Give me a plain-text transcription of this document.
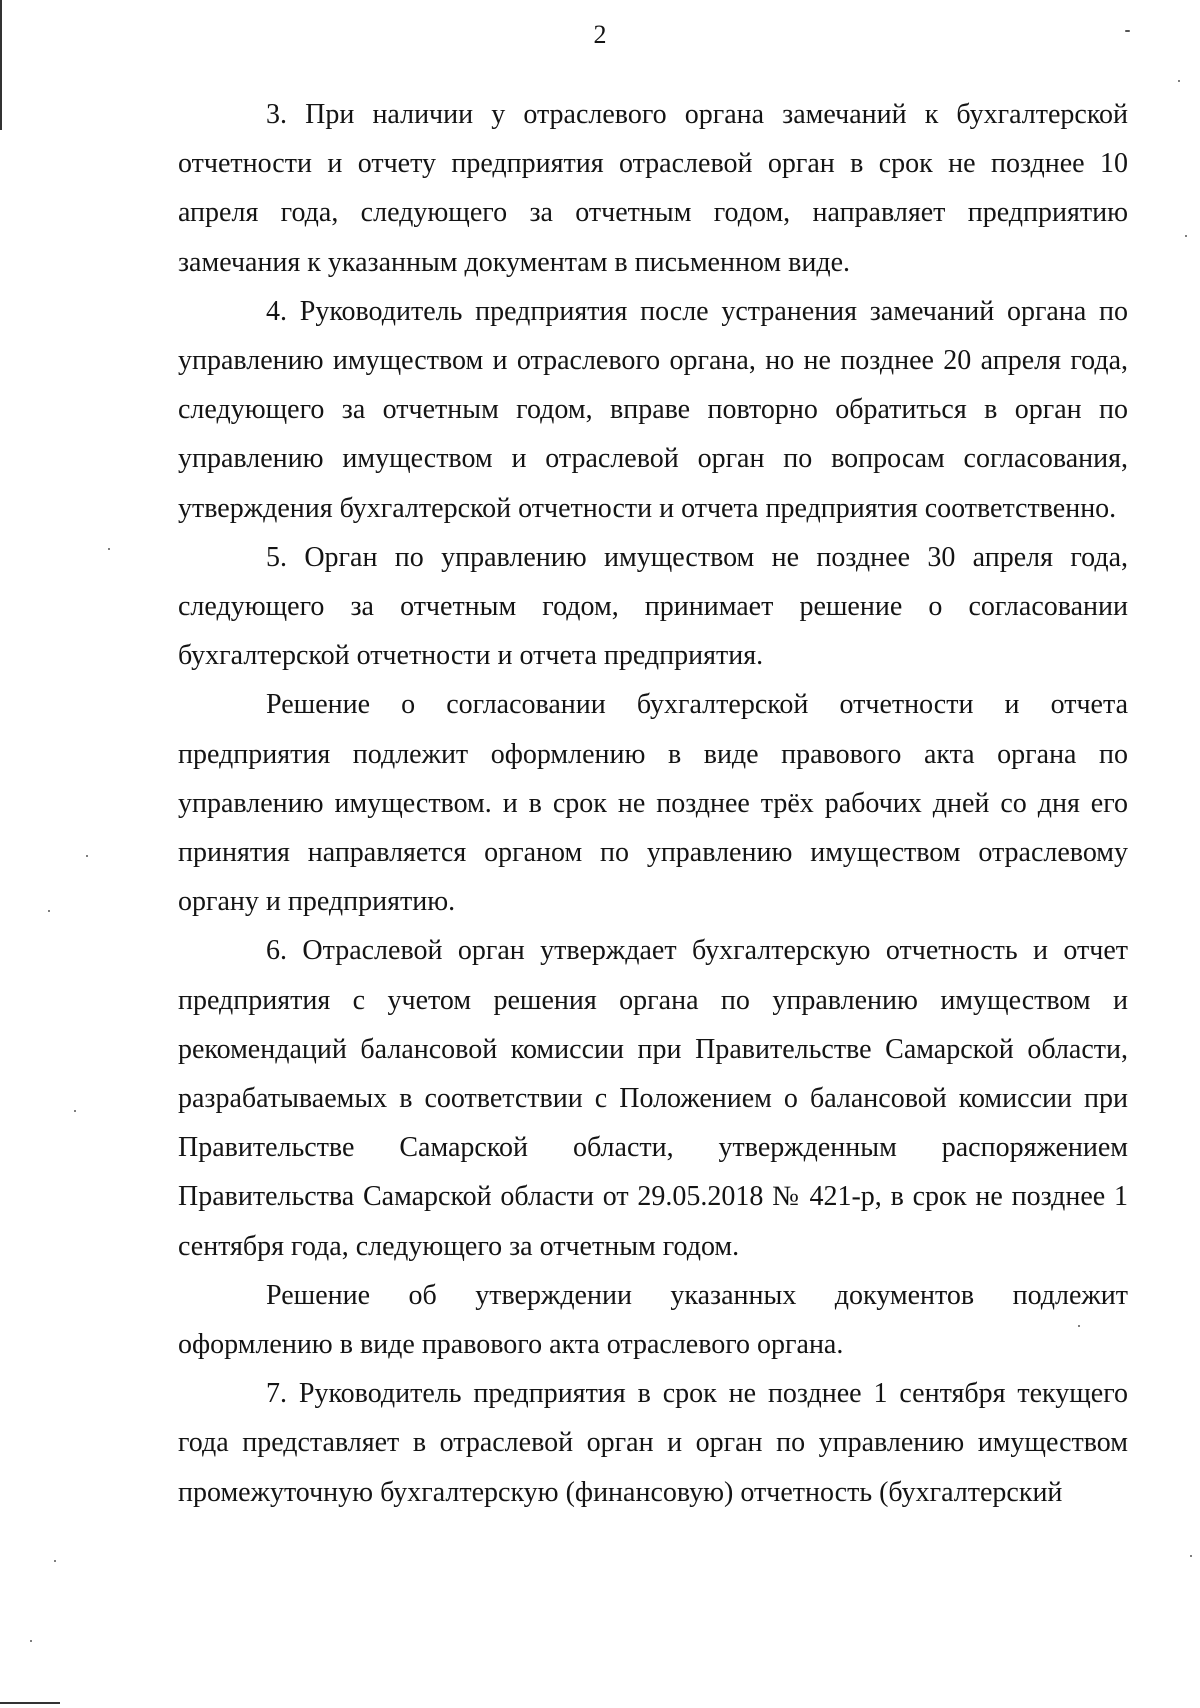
2

3. При наличии у отраслевого органа замечаний к бухгалтерской отчетности и отчету предприятия отраслевой орган в срок не позднее 10 апреля года, следующего за отчетным годом, направляет предприятию замечания к указанным документам в письменном виде.

4. Руководитель предприятия после устранения замечаний органа по управлению имуществом и отраслевого органа, но не позднее 20 апреля года, следующего за отчетным годом, вправе повторно обратиться в орган по управлению имуществом и отраслевой орган по вопросам согласования, утверждения бухгалтерской отчетности и отчета предприятия соответственно.

5. Орган по управлению имуществом не позднее 30 апреля года, следующего за отчетным годом, принимает решение о согласовании бухгалтерской отчетности и отчета предприятия.

Решение о согласовании бухгалтерской отчетности и отчета предприятия подлежит оформлению в виде правового акта органа по управлению имуществом. и в срок не позднее трёх рабочих дней со дня его принятия направляется органом по управлению имуществом отраслевому органу и предприятию.

6. Отраслевой орган утверждает бухгалтерскую отчетность и отчет предприятия с учетом решения органа по управлению имуществом и рекомендаций балансовой комиссии при Правительстве Самарской области, разрабатываемых в соответствии с Положением о балансовой комиссии при Правительстве Самарской области, утвержденным распоряжением Правительства Самарской области от 29.05.2018 № 421-р, в срок не позднее 1 сентября года, следующего за отчетным годом.

Решение об утверждении указанных документов подлежит оформлению в виде правового акта отраслевого органа.

7. Руководитель предприятия в срок не позднее 1 сентября текущего года представляет в отраслевой орган и орган по управлению имуществом промежуточную бухгалтерскую (финансовую) отчетность (бухгалтерский
